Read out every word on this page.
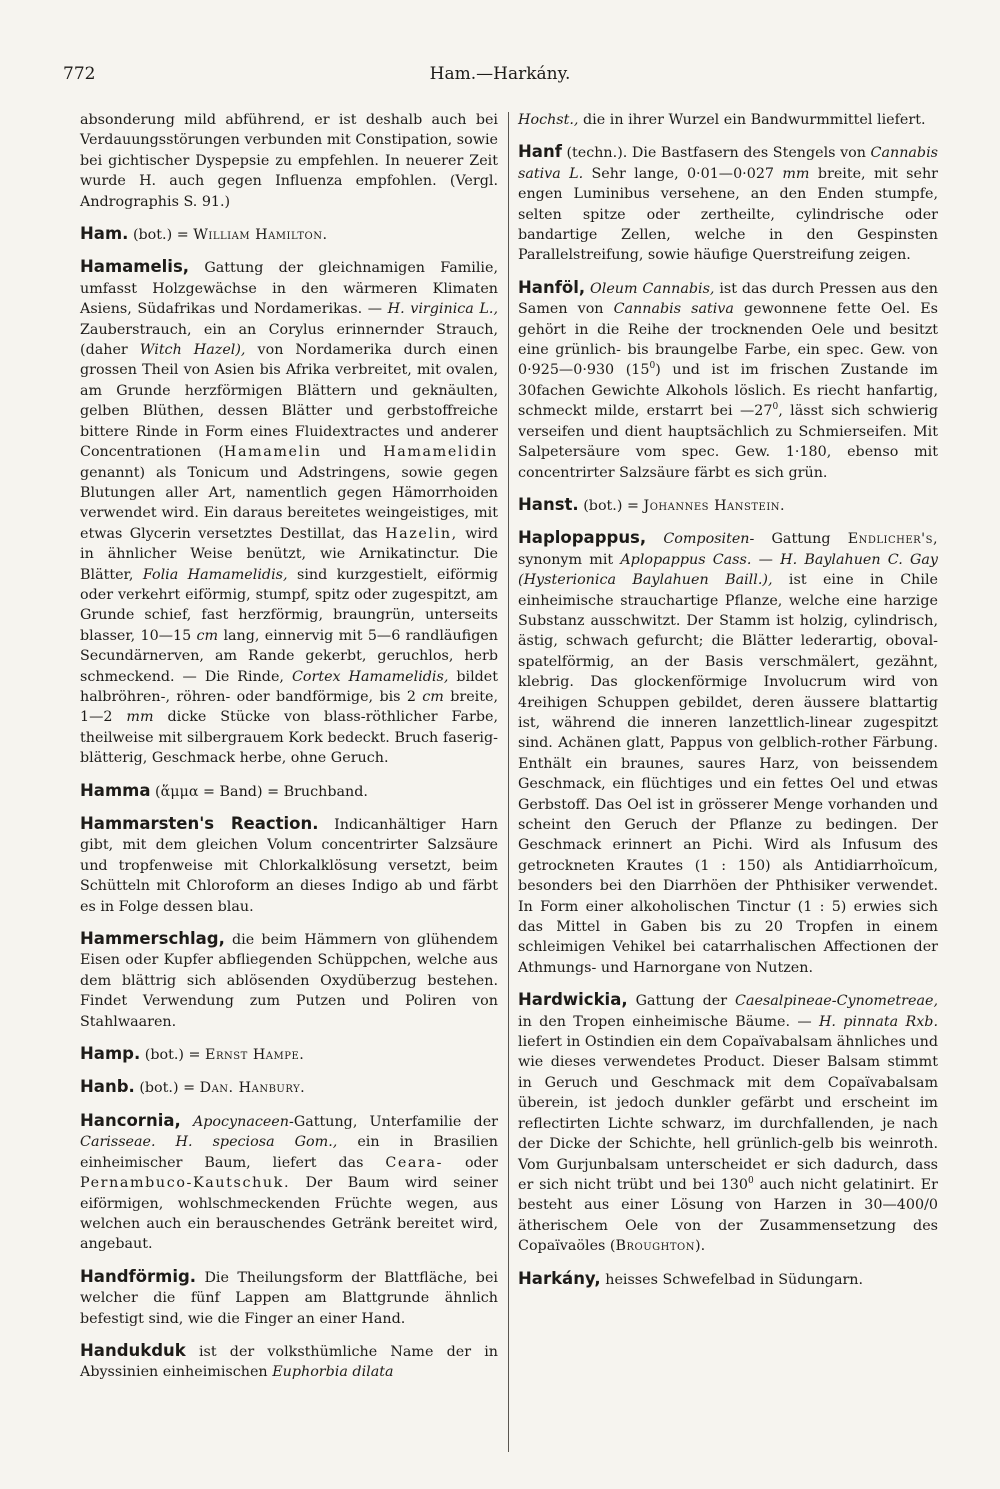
772	Ham.—Harkány.

absonderung mild abführend, er ist deshalb auch bei Verdauungsstörungen verbunden mit Constipation, sowie bei gichtischer Dyspepsie zu empfehlen. In neuerer Zeit wurde H. auch gegen Influenza empfohlen. (Vergl. Andrographis S. 91.)

Ham. (bot.) = William Hamilton.

Hamamelis, Gattung der gleichnamigen Familie, umfasst Holzgewächse in den wärmeren Klimaten Asiens, Südafrikas und Nordamerikas. — H. virginica L., Zauberstrauch, ein an Corylus erinnernder Strauch, (daher Witch Hazel), von Nordamerika durch einen grossen Theil von Asien bis Afrika verbreitet, mit ovalen, am Grunde herzförmigen Blättern und geknäulten, gelben Blüthen, dessen Blätter und gerbstoffreiche bittere Rinde in Form eines Fluidextractes und anderer Concentrationen (Hamamelin und Hamamelidin genannt) als Tonicum und Adstringens, sowie gegen Blutungen aller Art, namentlich gegen Hämorrhoiden verwendet wird. Ein daraus bereitetes weingeistiges, mit etwas Glycerin versetztes Destillat, das Hazelin, wird in ähnlicher Weise benützt, wie Arnikatinctur. Die Blätter, Folia Hamamelidis, sind kurzgestielt, eiförmig oder verkehrt eiförmig, stumpf, spitz oder zugespitzt, am Grunde schief, fast herzförmig, braungrün, unterseits blasser, 10—15 cm lang, einnervig mit 5—6 randläufigen Secundärnerven, am Rande gekerbt, geruchlos, herb schmeckend. — Die Rinde, Cortex Hamamelidis, bildet halbröhren-, röhren- oder bandförmige, bis 2 cm breite, 1—2 mm dicke Stücke von blass-röthlicher Farbe, theilweise mit silbergrauem Kork bedeckt. Bruch faserig-blätterig, Geschmack herbe, ohne Geruch.

Hamma (ἅμμα = Band) = Bruchband.

Hammarsten's Reaction. Indicanhältiger Harn gibt, mit dem gleichen Volum concentrirter Salzsäure und tropfenweise mit Chlorkalklösung versetzt, beim Schütteln mit Chloroform an dieses Indigo ab und färbt es in Folge dessen blau.

Hammerschlag, die beim Hämmern von glühendem Eisen oder Kupfer abfliegenden Schüppchen, welche aus dem blättrig sich ablösenden Oxydüberzug bestehen. Findet Verwendung zum Putzen und Poliren von Stahlwaaren.

Hamp. (bot.) = Ernst Hampe.

Hanb. (bot.) = Dan. Hanbury.

Hancornia, Apocynaceen-Gattung, Unterfamilie der Carisseae. H. speciosa Gom., ein in Brasilien einheimischer Baum, liefert das Ceara- oder Pernambuco-Kautschuk. Der Baum wird seiner eiförmigen, wohlschmeckenden Früchte wegen, aus welchen auch ein berauschendes Getränk bereitet wird, angebaut.

Handförmig. Die Theilungsform der Blattfläche, bei welcher die fünf Lappen am Blattgrunde ähnlich befestigt sind, wie die Finger an einer Hand.

Handukduk ist der volksthümliche Name der in Abyssinien einheimischen Euphorbia dilata

Hochst., die in ihrer Wurzel ein Bandwurmmittel liefert.

Hanf (techn.). Die Bastfasern des Stengels von Cannabis sativa L. Sehr lange, 0·01—0·027 mm breite, mit sehr engen Luminibus versehene, an den Enden stumpfe, selten spitze oder zertheilte, cylindrische oder bandartige Zellen, welche in den Gespinsten Parallelstreifung, sowie häufige Querstreifung zeigen.

Hanföl, Oleum Cannabis, ist das durch Pressen aus den Samen von Cannabis sativa gewonnene fette Oel. Es gehört in die Reihe der trocknenden Oele und besitzt eine grünlich- bis braungelbe Farbe, ein spec. Gew. von 0·925—0·930 $(15^0)$ und ist im frischen Zustande im 30fachen Gewichte Alkohols löslich. Es riecht hanfartig, schmeckt milde, erstarrt bei $—27^0$, lässt sich schwierig verseifen und dient hauptsächlich zu Schmierseifen. Mit Salpetersäure vom spec. Gew. 1·180, ebenso mit concentrirter Salzsäure färbt es sich grün.

Hanst. (bot.) = Johannes Hanstein.

Haplopappus, Compositen- Gattung Endlicher's, synonym mit Aplopappus Cass. — H. Baylahuen C. Gay (Hysterionica Baylahuen Baill.), ist eine in Chile einheimische strauchartige Pflanze, welche eine harzige Substanz ausschwitzt. Der Stamm ist holzig, cylindrisch, ästig, schwach gefurcht; die Blätter lederartig, oboval-spatelförmig, an der Basis verschmälert, gezähnt, klebrig. Das glockenförmige Involucrum wird von 4reihigen Schuppen gebildet, deren äussere blattartig ist, während die inneren lanzettlich-linear zugespitzt sind. Achänen glatt, Pappus von gelblich-rother Färbung. Enthält ein braunes, saures Harz, von beissendem Geschmack, ein flüchtiges und ein fettes Oel und etwas Gerbstoff. Das Oel ist in grösserer Menge vorhanden und scheint den Geruch der Pflanze zu bedingen. Der Geschmack erinnert an Pichi. Wird als Infusum des getrockneten Krautes (1 : 150) als Antidiarrhoïcum, besonders bei den Diarrhöen der Phthisiker verwendet. In Form einer alkoholischen Tinctur (1 : 5) erwies sich das Mittel in Gaben bis zu 20 Tropfen in einem schleimigen Vehikel bei catarrhalischen Affectionen der Athmungs- und Harnorgane von Nutzen.

Hardwickia, Gattung der Caesalpineae-Cynometreae, in den Tropen einheimische Bäume. — H. pinnata Rxb. liefert in Ostindien ein dem Copaïvabalsam ähnliches und wie dieses verwendetes Product. Dieser Balsam stimmt in Geruch und Geschmack mit dem Copaïvabalsam überein, ist jedoch dunkler gefärbt und erscheint im reflectirten Lichte schwarz, im durchfallenden, je nach der Dicke der Schichte, hell grünlich-gelb bis weinroth. Vom Gurjunbalsam unterscheidet er sich dadurch, dass er sich nicht trübt und bei $130^0$ auch nicht gelatinirt. Er besteht aus einer Lösung von Harzen in 30—400/0 ätherischem Oele von der Zusammensetzung des Copaïvaöles (Broughton).

Harkány, heisses Schwefelbad in Südungarn.
